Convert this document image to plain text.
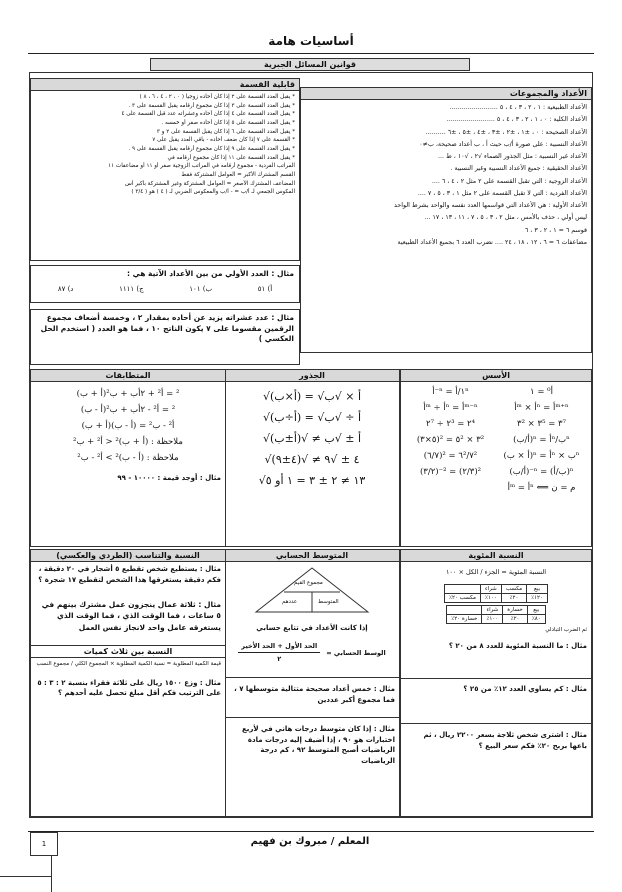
أساسيات هامة
قوانين المسائل الجبرية
الأعداد والمجموعات
الأعداد الطبيعية : ١ ، ٢ ، ٣ ، ٤ ، ٥ ........................
الأعداد الكلية : ٠ ، ١ ، ٢ ، ٣ ، ٤ ، ٥ ........................
الأعداد الصحيحة : ٠ ، ±١ ، ±٢ ، ±٣ ، ±٤ ، ±٥ ، ±٦ ..........
الأعداد النسبية : على صورة أ/ب حيث أ ، ب أعداد صحيحة، ب≠٠
الأعداد غير النسبية : مثل الجذور الصماء √٢ ، √١٠ ، ط ...
الأعداد الحقيقية : جميع الأعداد النسبية وغير النسبية .
الأعداد الزوجية : التي تقبل القسمة على ٢ مثل ٢ ، ٤ ، ٦ ....
الأعداد الفردية : التي لا تقبل القسمة على ٢ مثل ١ ، ٣ ، ٥ ، ٧ ....
الأعداد الأولية : هي الأعداد التي قواسمها العدد نفسه والواحد بشرط الواحد
ليس أولي ، حذف بالأمس ، مثل ٢ ، ٣ ، ٥ ، ٧ ، ١١ ، ١٣ ، ١٧ ...
قوسم ٦ = ١ ، ٢ ، ٣ ، ٦
مضاعفات ٦ = ٦ ، ١٢ ، ١٨ ، ٢٤ .... نضرب العدد ٦ بجميع الأعداد الطبيعية
قابلية القسمة
* يقبل العدد القسمة على ٢ إذا كان أحاده زوجيا ( ٠ ، ٢ ، ٤ ، ٦ ، ٨ )
* يقبل العدد القسمة على ٣ إذا كان مجموع أرقامه يقبل القسمة على ٣ .
* يقبل العدد القسمة على ٤ إذا كان أحاده وعشراته عدد قبل القسمة على ٤
* يقبل العدد القسمة على ٥ إذا كان أحاده صفر أو خمسه .
* يقبل العدد القسمة على ٦ إذا كان يقبل القسمة على ٢ و ٣
* القسمة على ٧ إذا كان ضعف أحاده - باقي العدد يقبل على ٧
* يقبل العدد القسمة على ٩ إذا كان مجموع أرقامه يقبل القسمة على ٩ .
* يقبل العدد القسمة على ١١ إذا كان مجموع أرقامه في
المراتب الفردية - مجموع أرقامه في المراتب الزوجية صفر أو ١١ أو مضاعفات ١١
القسم المشترك الأكبر = العوامل المشتركة فقط
المضاعف المشترك الأصغر = العوامل المشتركة وغير المشتركة بأكبر أس
المكوس الجمعي لـ أ/ب = - أ/ب والمعكوس الضربي لـ ( ٤ ) هو ( ٣/٤ )
مثال : العدد الأولي من بين الأعداد الآتية هي :
د) ٨٧	ج) ١١١١	ب) ١٠١	أ) ٥١
مثال : عدد عشراته يزيد عن أحاده بمقدار ٢ ، وخمسة أضعاف مجموع الرقمين مقسوما على ٧ يكون الناتج ١٠ ، فما هو العدد ( استخدم الحل العكسي )
الأسس
أ⁰ = ١
أ⁻ⁿ = ١/أⁿ
أᵐ × أⁿ = أᵐ⁺ⁿ
أᵐ ÷ أⁿ = أᵐ⁻ⁿ
٣² × ٣⁵ = ٣⁷
٢⁷ ÷ ٢³ = ٢⁴
(أ/ب)ⁿ = أⁿ/بⁿ
(٥×٣)² = ٥² × ٣²
(أ × ب)ⁿ = أⁿ × بⁿ
(٦/٧)² = ٦²/٧²
(أ/ب)⁻ⁿ = (ب/أ)ⁿ
(٣/٢)⁻² = (٢/٣)²
أᵐ = أⁿ ⟸ م = ن
الجذور
√(أ×ب) = √أ × √ب
√(أ÷ب) = √أ ÷ √ب
√أ ± √ب ≠ √(أ±ب)
√٤ ± √٩ ≠ √(٤±٩)
√١٣ ≠ ٢ ± ٣ = ١ أو ٥
المتطابقات
(أ + ب)² = أ² + ٢أب + ب²
(أ - ب)² = أ² - ٢أب + ب²
أ² - ب² = (أ - ب)(أ + ب)
ملاحظة : (أ + ب)² < أ² + ب²
ملاحظة : (أ - ب)² > أ² - ب²
مثال : أوجد قيمة : ١٠٠٠٠ - ٩٩
النسبة المئوية
النسبة المئوية = الجزء / الكل × ١٠٠
بيع	مكسب	شراء	
١٢٠٪	٢٠٪	١٠٠٪	مكسب ٢٠٪
بيع	خسارة	شراء	
٨٠٪	٢٠٪	١٠٠٪	خسارة ٢٠٪
ثم الضرب التبادلي
مثال : ما النسبة المئوية للعدد ٨ من ٢٠ ؟
مثال : كم يساوي العدد ١٢٪ من ٢٥ ؟
مثال : اشترى شخص ثلاجة بسعر ٢٢٠٠ ريال ، ثم باعها بربح ٢٠٪ فكم سعر البيع ؟
المتوسط الحسابي
مجموع القيم
المتوسط
عددهم
إذا كانت الأعداد في تتابع حسابي
الوسط الحسابي =
الحد الأول + الحد الأخير
٢
مثال : خمس أعداد صحيحة متتالية متوسطها ٧ ، فما مجموع أكبر عددين
مثال : إذا كان متوسط درجات هاني في لأربع اختبارات هو ٩٠ ، إذا أضيف إليه درجات مادة الرياضيات أصبح المتوسط ٩٢ ، كم درجة الرياضيات
النسبة والتناسب (الطردي والعكسي)
مثال : يستطيع شخص تقطيع ٥ أشجار في ٢٠ دقيقة ، فكم دقيقة يستغرقها هذا الشخص لتقطيع ١٧ شجرة ؟
مثال : ثلاثة عمال ينجزون عمل مشترك بينهم في ٥ ساعات ، فما الوقت الذي ، فما الوقت الذي يستغرقه عامل واحد لانجاز نفس العمل
النسبة بين ثلاث كميات
قيمة الكمية المطلوبة = نسبة الكمية المطلوبة × المجموع الكلي / مجموع النسب
مثال : وزع ١٥٠٠ ريال على ثلاثة فقراء بنسبة ٢ : ٣ : ٥ على الترتيب فكم أقل مبلغ تحصل عليه أحدهم ؟
المعلم / مبروك بن فهيم
1
